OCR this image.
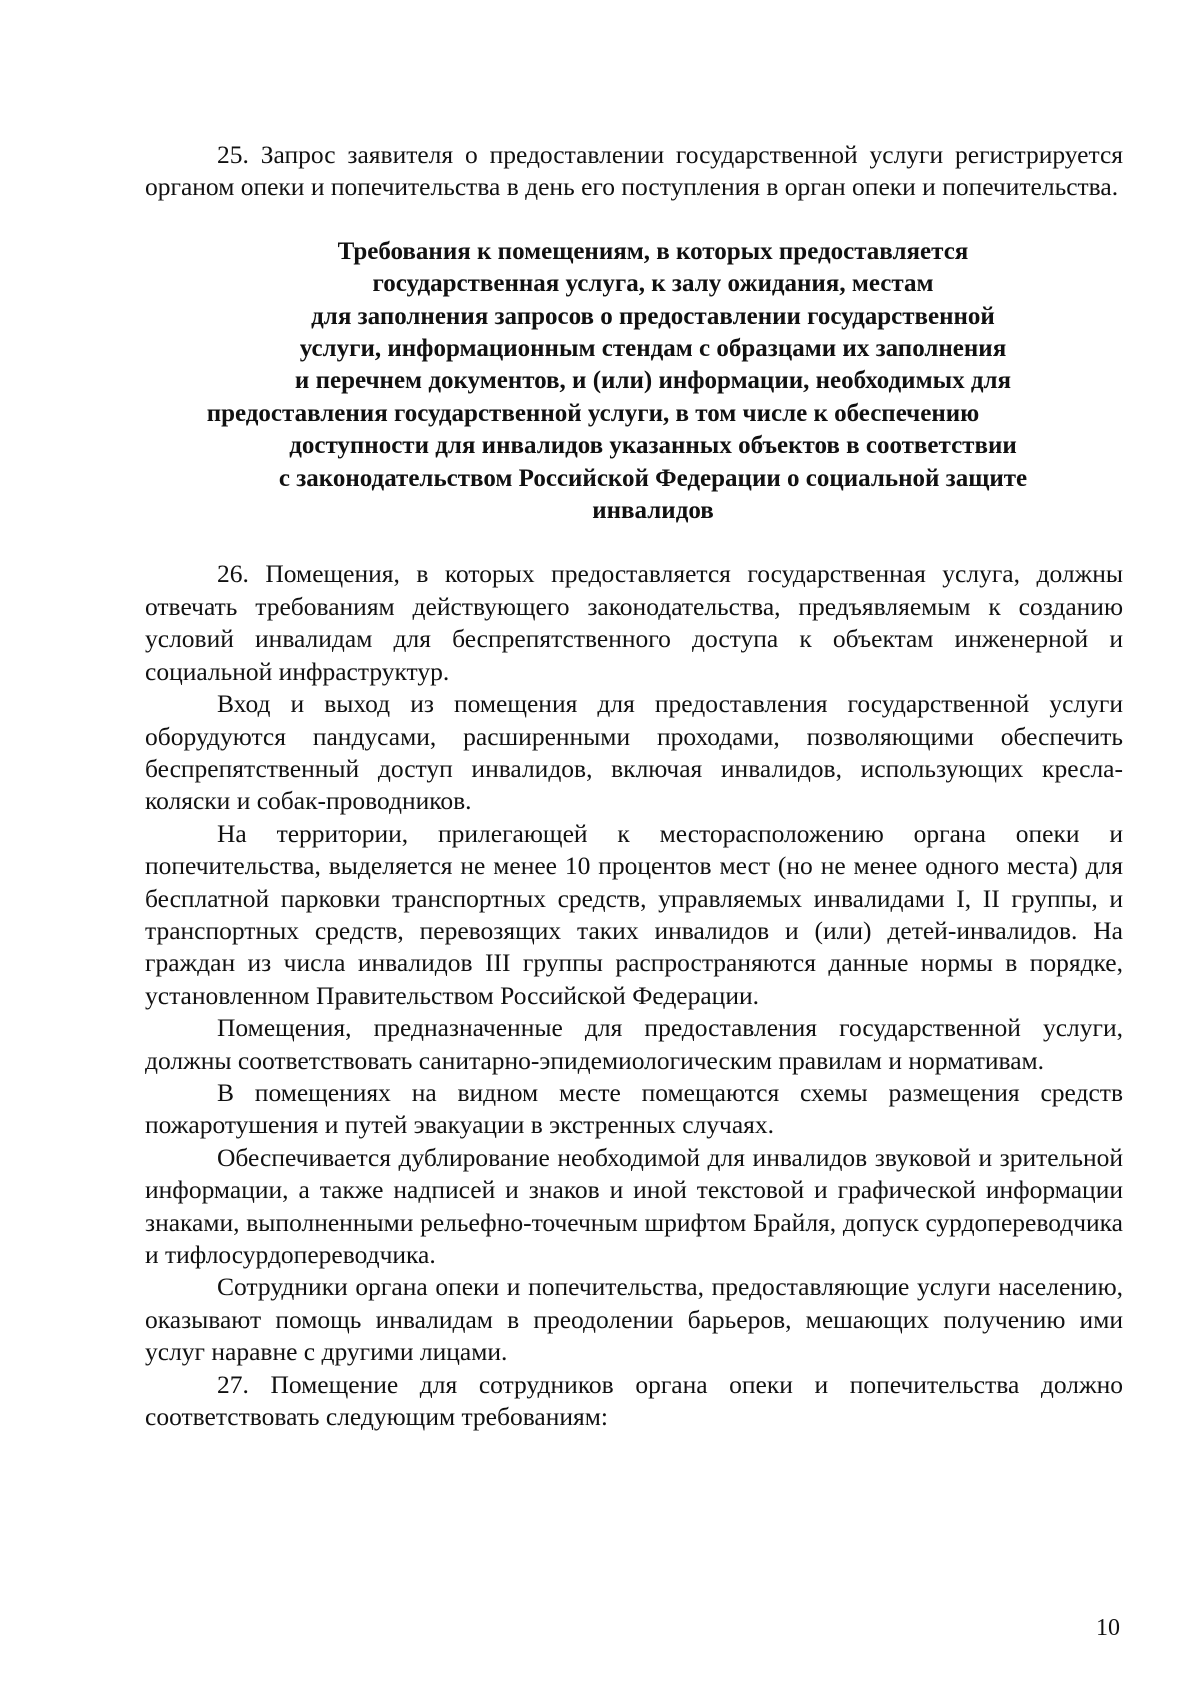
25. Запрос заявителя о предоставлении государственной услуги регистрируется органом опеки и попечительства в день его поступления в орган опеки и попечительства.

Требования к помещениям, в которых предоставляется
государственная услуга, к залу ожидания, местам
для заполнения запросов о предоставлении государственной
услуги, информационным стендам с образцами их заполнения
и перечнем документов, и (или) информации, необходимых для
предоставления государственной услуги, в том числе к обеспечению
доступности для инвалидов указанных объектов в соответствии
с законодательством Российской Федерации о социальной защите
инвалидов

26. Помещения, в которых предоставляется государственная услуга, должны отвечать требованиям действующего законодательства, предъявляемым к созданию условий инвалидам для беспрепятственного доступа к объектам инженерной и социальной инфраструктур.

Вход и выход из помещения для предоставления государственной услуги оборудуются пандусами, расширенными проходами, позволяющими обеспечить беспрепятственный доступ инвалидов, включая инвалидов, использующих кресла-коляски и собак-проводников.

На территории, прилегающей к месторасположению органа опеки и попечительства, выделяется не менее 10 процентов мест (но не менее одного места) для бесплатной парковки транспортных средств, управляемых инвалидами I, II группы, и транспортных средств, перевозящих таких инвалидов и (или) детей-инвалидов. На граждан из числа инвалидов III группы распространяются данные нормы в порядке, установленном Правительством Российской Федерации.

Помещения, предназначенные для предоставления государственной услуги, должны соответствовать санитарно-эпидемиологическим правилам и нормативам.

В помещениях на видном месте помещаются схемы размещения средств пожаротушения и путей эвакуации в экстренных случаях.

Обеспечивается дублирование необходимой для инвалидов звуковой и зрительной информации, а также надписей и знаков и иной текстовой и графической информации знаками, выполненными рельефно-точечным шрифтом Брайля, допуск сурдопереводчика и тифлосурдопереводчика.

Сотрудники органа опеки и попечительства, предоставляющие услуги населению, оказывают помощь инвалидам в преодолении барьеров, мешающих получению ими услуг наравне с другими лицами.

27. Помещение для сотрудников органа опеки и попечительства должно соответствовать следующим требованиям:

10
